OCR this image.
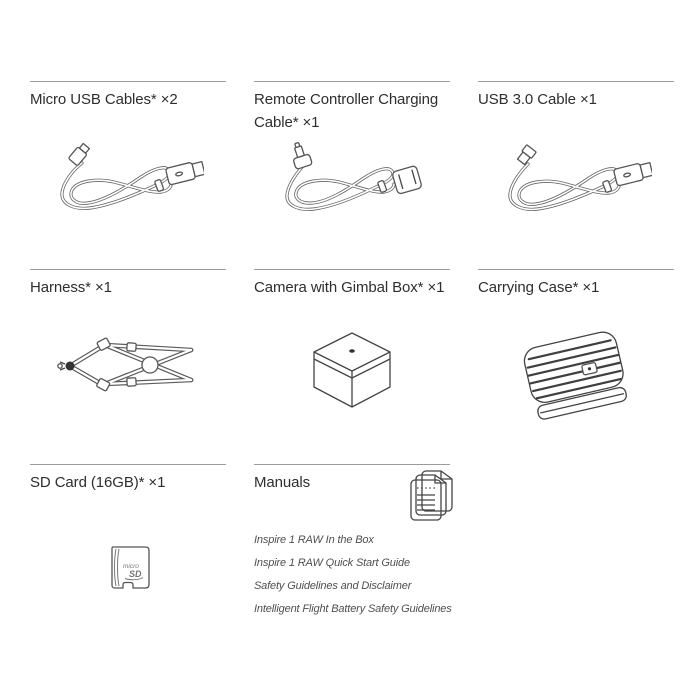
Micro USB Cables* ×2	Remote Controller Charging Cable* ×1

USB 3.0 Cable ×1

Harness* ×1	Camera with Gimbal Box* ×1	Carrying Case* ×1

SD Card (16GB)* ×1

micro
SD

Manuals

Inspire 1 RAW In the Box
Inspire 1 RAW Quick Start Guide
Safety Guidelines and Disclaimer
Intelligent Flight Battery Safety Guidelines
